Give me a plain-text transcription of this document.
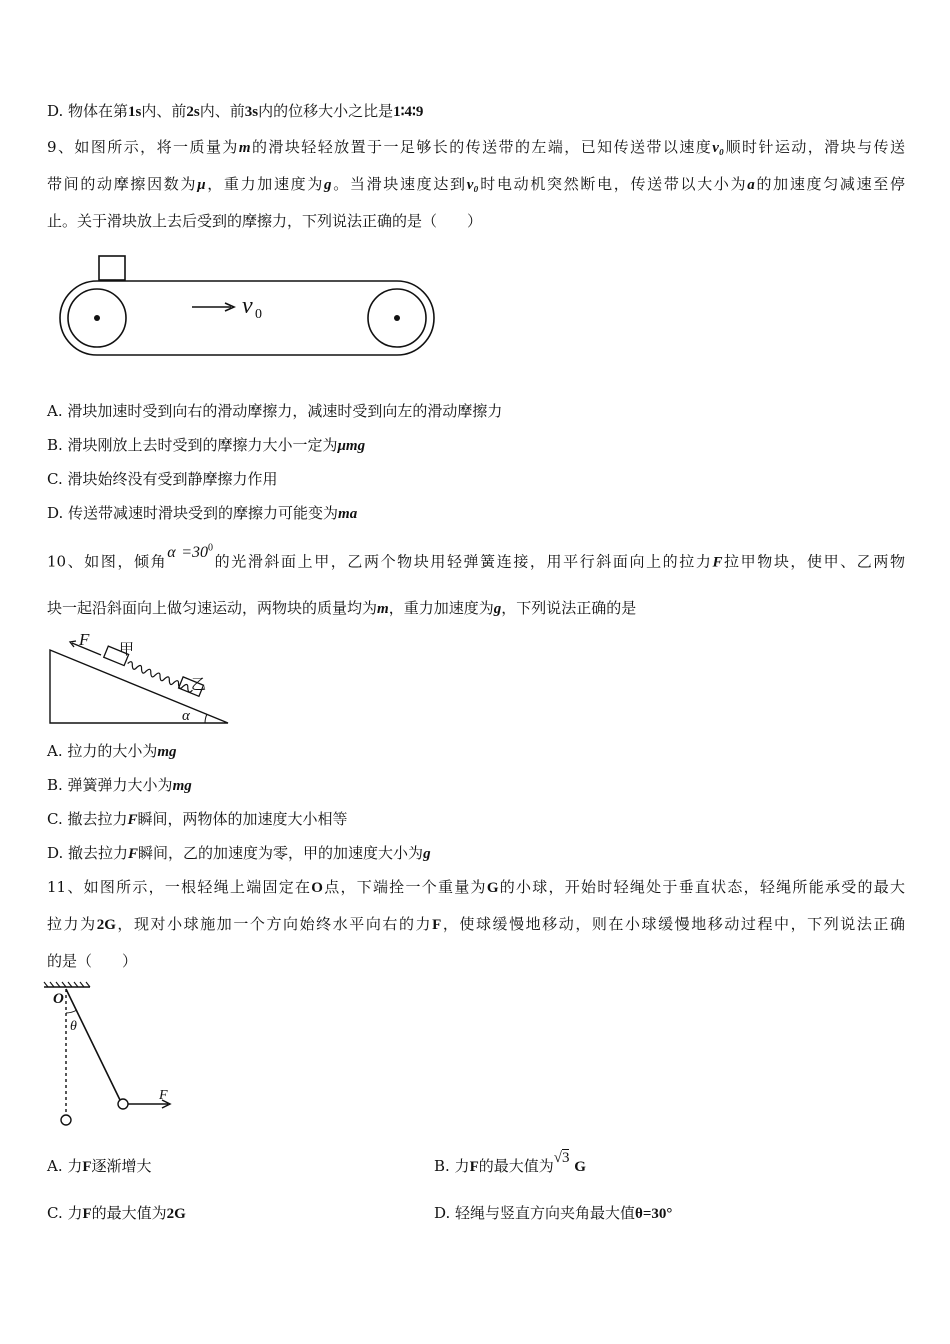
D. 物体在第1s内、前2s内、前3s内的位移大小之比是1∶4∶9
9、如图所示，将一质量为m的滑块轻轻放置于一足够长的传送带的左端，已知传送带以速度v₀顺时针运动，滑块与传送
带间的动摩擦因数为μ，重力加速度为g。当滑块速度达到v₀时电动机突然断电，传送带以大小为a的加速度匀减速至停
止。关于滑块放上去后受到的摩擦力，下列说法正确的是（　　）
v 0
A. 滑块加速时受到向右的滑动摩擦力，减速时受到向左的滑动摩擦力
B. 滑块刚放上去时受到的摩擦力大小一定为μmg
C. 滑块始终没有受到静摩擦力作用
D. 传送带减速时滑块受到的摩擦力可能变为ma
10、如图，倾角$\alpha =30^0$的光滑斜面上甲，乙两个物块用轻弹簧连接，用平行斜面向上的拉力F拉甲物块，使甲、乙两物
块一起沿斜面向上做匀速运动，两物块的质量均为m，重力加速度为g，下列说法正确的是
F 甲
乙
α
A. 拉力的大小为mg
B. 弹簧弹力大小为mg
C. 撤去拉力F瞬间，两物体的加速度大小相等
D. 撤去拉力F瞬间，乙的加速度为零，甲的加速度大小为g
11、如图所示，一根轻绳上端固定在O点，下端拴一个重量为G的小球，开始时轻绳处于垂直状态，轻绳所能承受的最大
拉力为2G，现对小球施加一个方向始终水平向右的力F，使球缓慢地移动，则在小球缓慢地移动过程中，下列说法正确
的是（　　）
O
θ
F
A. 力F逐渐增大	B. 力F的最大值为√3 G
C. 力F的最大值为2G	D. 轻绳与竖直方向夹角最大值θ=30°
